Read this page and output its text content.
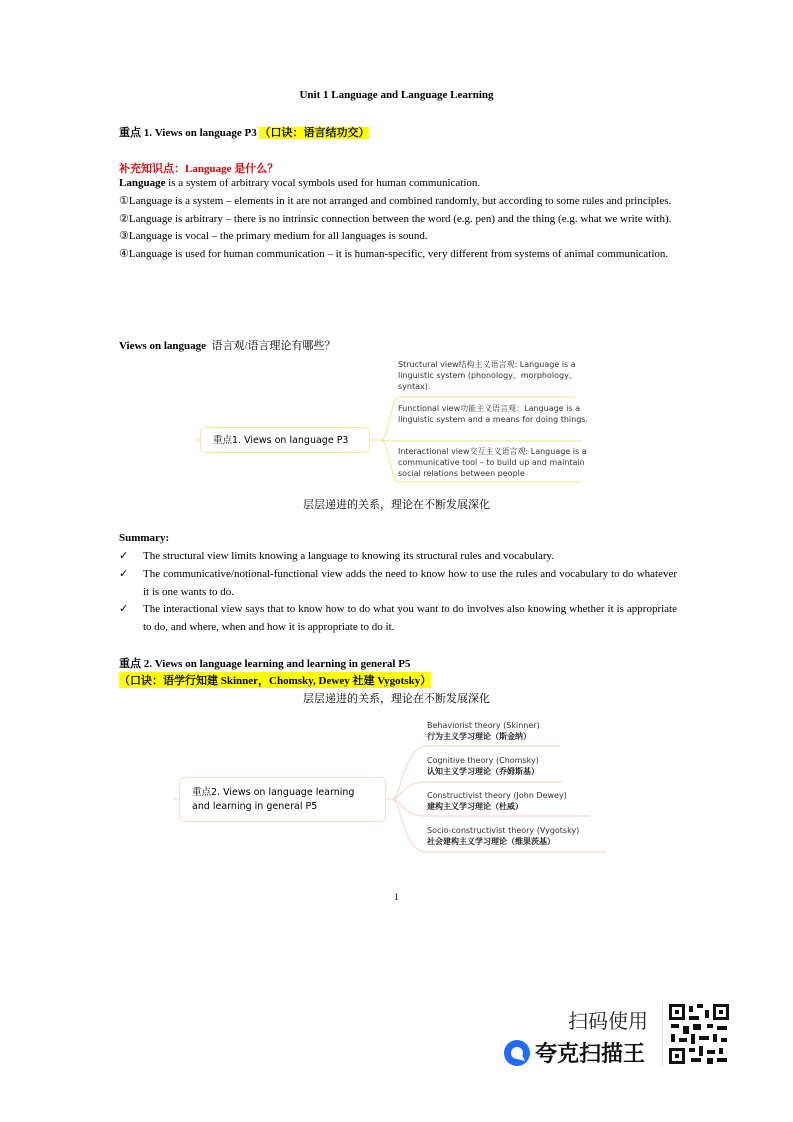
Unit 1 Language and Language Learning
重点 1. Views on language P3 （口诀：语言结功交）
补充知识点：Language 是什么？
Language is a system of arbitrary vocal symbols used for human communication.
①Language is a system – elements in it are not arranged and combined randomly, but according to some rules and principles.
②Language is arbitrary – there is no intrinsic connection between the word (e.g. pen) and the thing (e.g. what we write with).
③Language is vocal – the primary medium for all languages is sound.
④Language is used for human communication – it is human-specific, very different from systems of animal communication.
Views on language 语言观/语言理论有哪些？
重点1. Views on language P3
Structural view结构主义语言观: Language is a linguistic system (phonology、morphology、syntax).
Functional view功能主义语言观：Language is a linguistic system and a means for doing things.
Interactional view交互主义语言观: Language is a communicative tool – to build up and maintain social relations between people
层层递进的关系，理论在不断发展深化
Summary:
✓ The structural view limits knowing a language to knowing its structural rules and vocabulary.
✓ The communicative/notional-functional view adds the need to know how to use the rules and vocabulary to do whatever it is one wants to do.
✓ The interactional view says that to know how to do what you want to do involves also knowing whether it is appropriate to do, and where, when and how it is appropriate to do it.
重点 2. Views on language learning and learning in general P5
（口诀：语学行知建 Skinner，Chomsky, Dewey 社建 Vygotsky）
层层递进的关系，理论在不断发展深化
重点2. Views on language learning and learning in general P5
Behaviorist theory (Skinner)
行为主义学习理论（斯金纳）
Cognitive theory (Chomsky)
认知主义学习理论（乔姆斯基）
Constructivist theory (John Dewey)
建构主义学习理论（杜威）
Socio-constructivist theory (Vygotsky)
社会建构主义学习理论（维果茨基）
1
扫码使用
夸克扫描王
